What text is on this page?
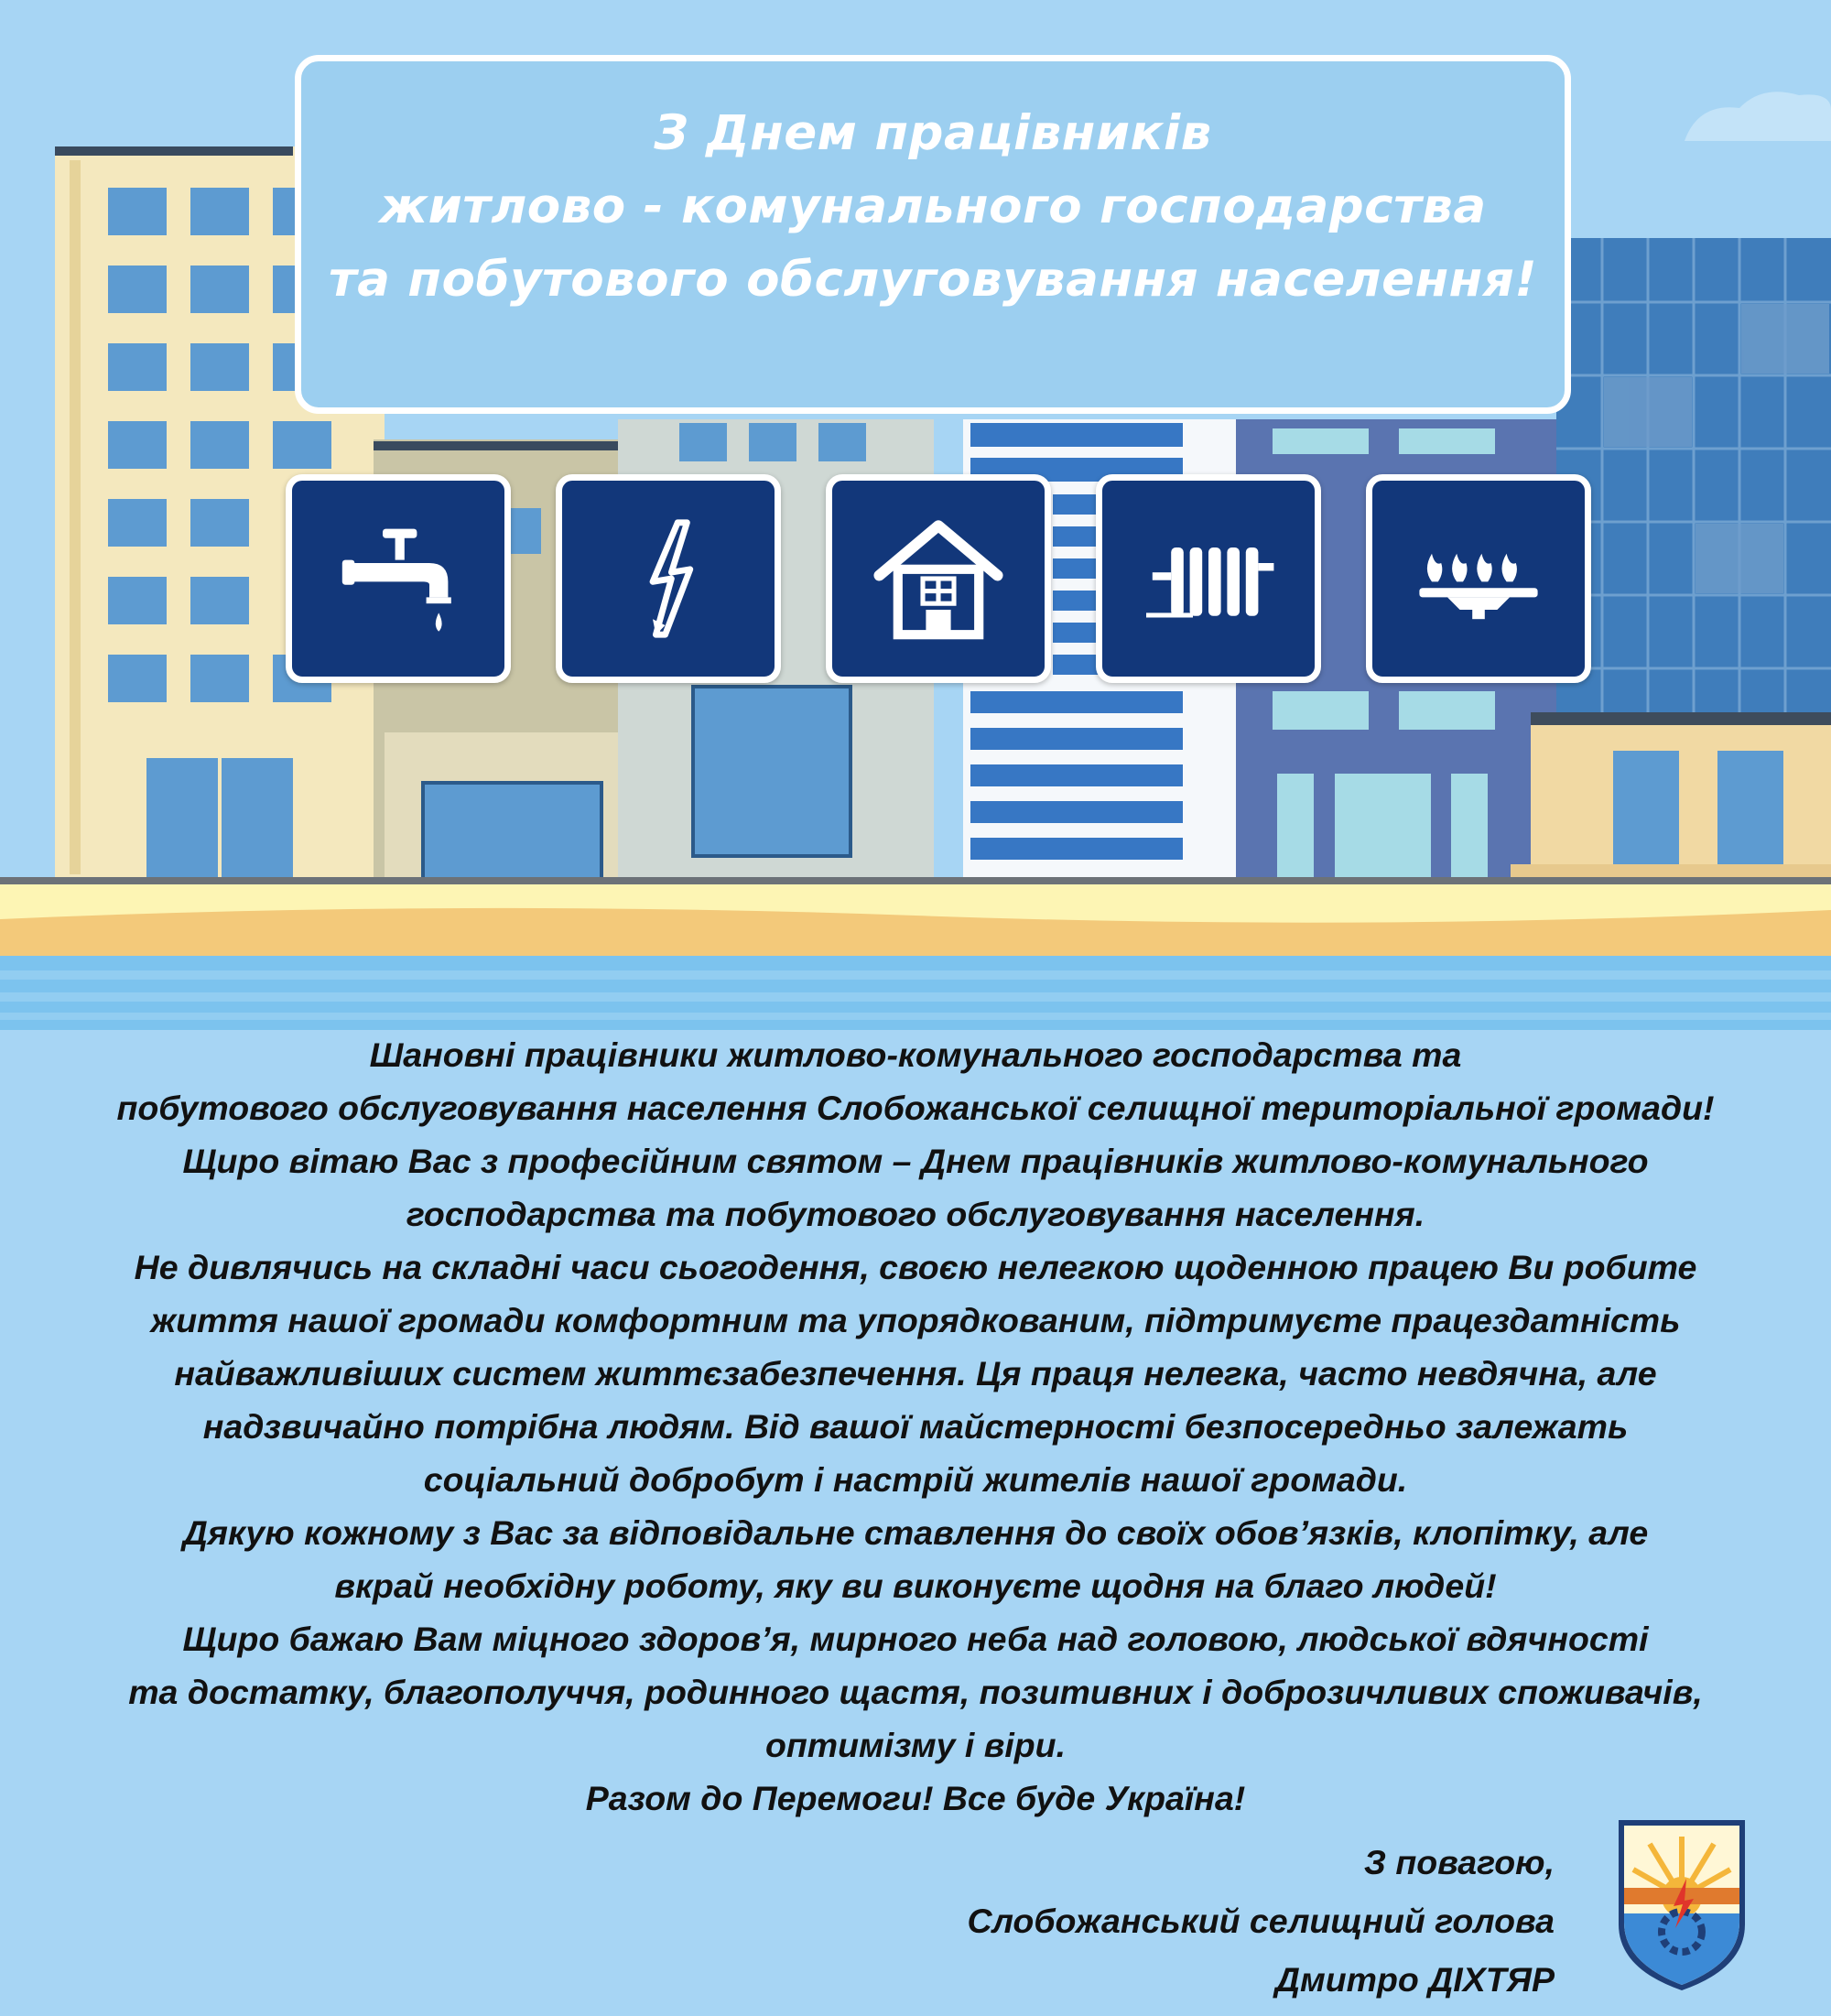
З Днем працівників
житлово - комунального господарства
та побутового обслуговування населення!
Шановні працівники житлово-комунального господарства та
побутового обслуговування населення Слобожанської селищної територіальної громади!
Щиро вітаю Вас з професійним святом – Днем працівників житлово-комунального
господарства та побутового обслуговування населення.
Не дивлячись на складні часи сьогодення, своєю нелегкою щоденною працею Ви робите
життя нашої громади комфортним та упорядкованим, підтримуєте працездатність
найважливіших систем життєзабезпечення. Ця праця нелегка, часто невдячна, але
надзвичайно потрібна людям. Від вашої майстерності безпосередньо залежать
соціальний добробут і настрій жителів нашої громади.
Дякую кожному з Вас за відповідальне ставлення до своїх обов’язків, клопітку, але
вкрай необхідну роботу, яку ви виконуєте щодня на благо людей!
Щиро бажаю Вам міцного здоров’я, мирного неба над головою, людської вдячності
та достатку, благополуччя, родинного щастя, позитивних і доброзичливих споживачів,
оптимізму і віри.
Разом до Перемоги! Все буде Україна!
З повагою,
Слобожанський селищний голова
Дмитро ДІХТЯР
